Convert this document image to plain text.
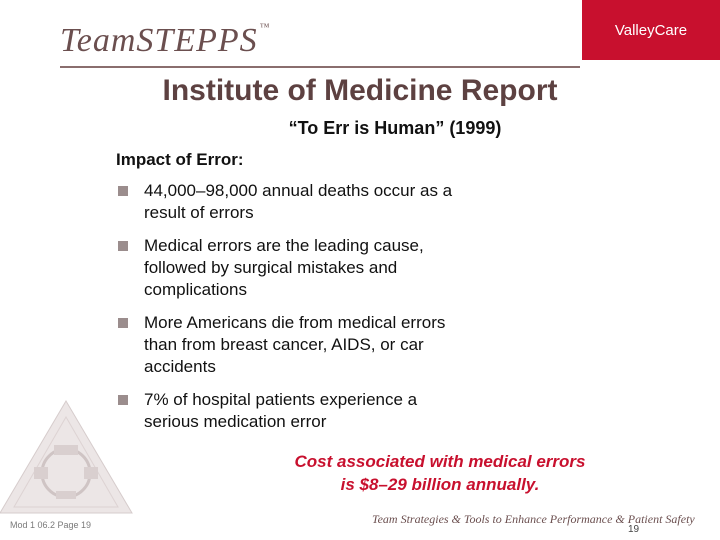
TeamSTEPPS ™	ValleyCare
Institute of Medicine Report
“To Err is Human” (1999)
Impact of Error:
44,000–98,000 annual deaths occur as a result of errors
Medical errors are the leading cause, followed by surgical mistakes and complications
More Americans die from medical errors than from breast cancer, AIDS, or car accidents
7% of hospital patients experience a serious medication error
Cost associated with medical errors
is $8–29 billion annually.
Mod 1 06.2 Page 19	Team Strategies & Tools to Enhance Performance & Patient Safety
19
